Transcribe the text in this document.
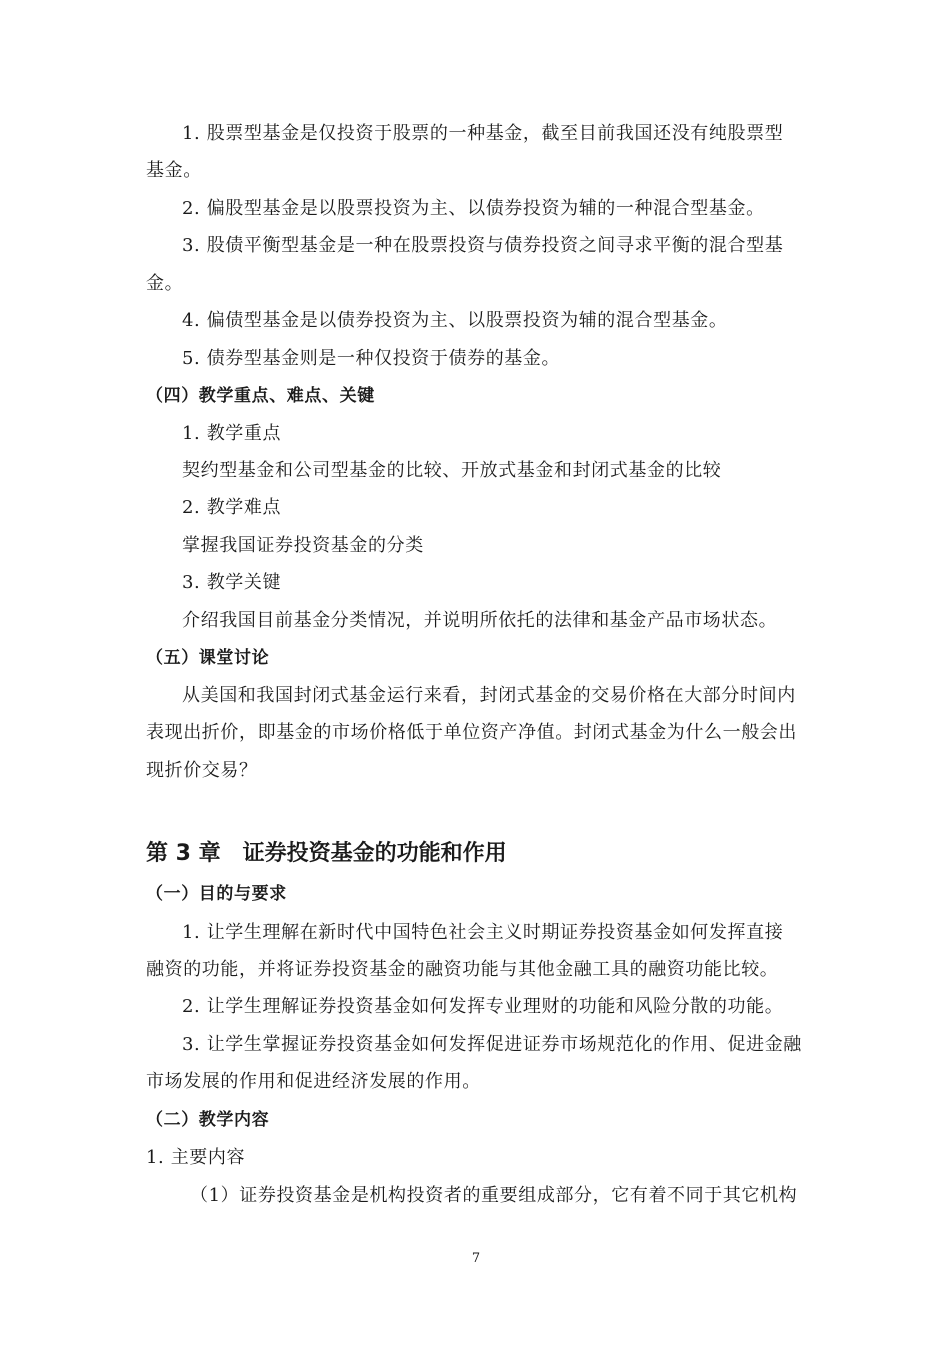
1. 股票型基金是仅投资于股票的一种基金，截至目前我国还没有纯股票型
基金。
2. 偏股型基金是以股票投资为主、以债券投资为辅的一种混合型基金。
3. 股债平衡型基金是一种在股票投资与债券投资之间寻求平衡的混合型基
金。
4. 偏债型基金是以债券投资为主、以股票投资为辅的混合型基金。
5. 债券型基金则是一种仅投资于债券的基金。
（四）教学重点、难点、关键
1. 教学重点
契约型基金和公司型基金的比较、开放式基金和封闭式基金的比较
2. 教学难点
掌握我国证券投资基金的分类
3. 教学关键
介绍我国目前基金分类情况，并说明所依托的法律和基金产品市场状态。
（五）课堂讨论
从美国和我国封闭式基金运行来看，封闭式基金的交易价格在大部分时间内
表现出折价，即基金的市场价格低于单位资产净值。封闭式基金为什么一般会出
现折价交易？
第 3 章　证券投资基金的功能和作用
（一）目的与要求
1. 让学生理解在新时代中国特色社会主义时期证券投资基金如何发挥直接
融资的功能，并将证券投资基金的融资功能与其他金融工具的融资功能比较。
2. 让学生理解证券投资基金如何发挥专业理财的功能和风险分散的功能。
3. 让学生掌握证券投资基金如何发挥促进证券市场规范化的作用、促进金融
市场发展的作用和促进经济发展的作用。
（二）教学内容
1. 主要内容
（1）证券投资基金是机构投资者的重要组成部分，它有着不同于其它机构
7
